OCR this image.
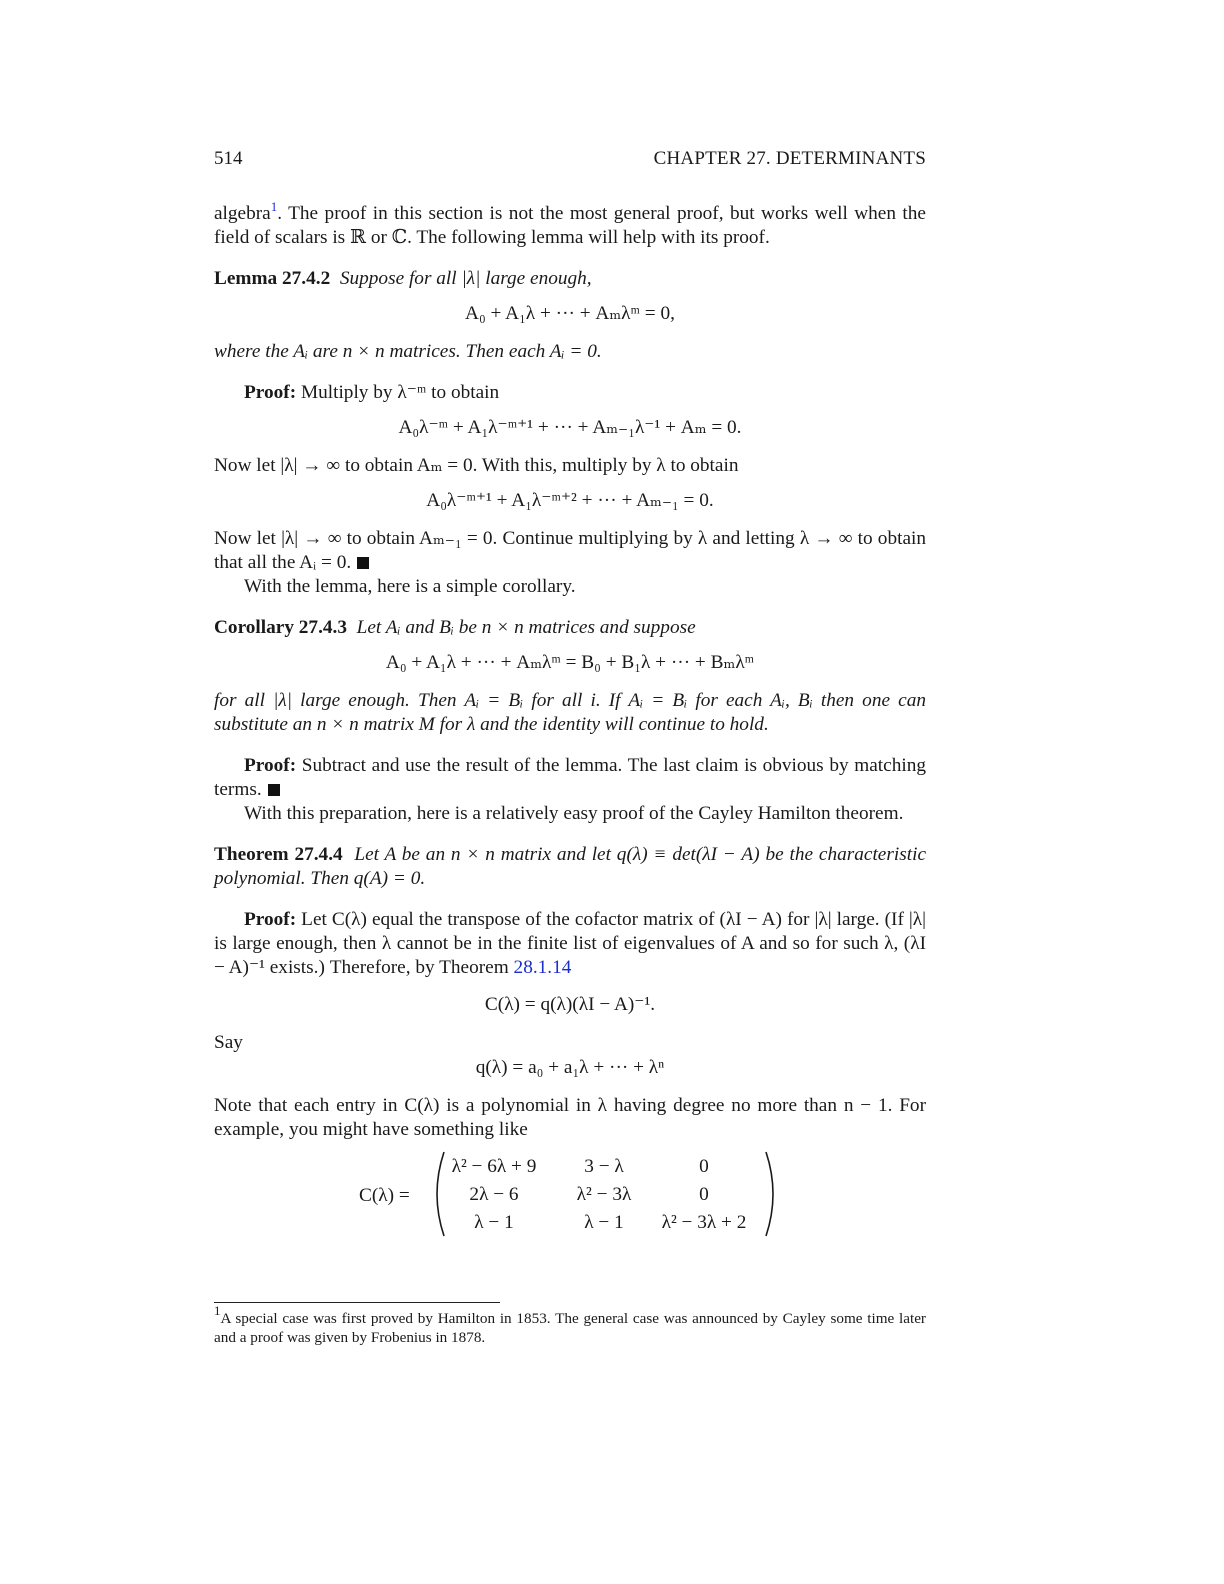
514	CHAPTER 27. DETERMINANTS

algebra$^1$. The proof in this section is not the most general proof, but works well when the field of scalars is ℝ or ℂ. The following lemma will help with its proof.

Lemma 27.4.2 Suppose for all |λ| large enough,

A₀ + A₁λ + ··· + Aₘλᵐ = 0,

where the Aᵢ are n × n matrices. Then each Aᵢ = 0.

Proof: Multiply by λ⁻ᵐ to obtain

A₀λ⁻ᵐ + A₁λ⁻ᵐ⁺¹ + ··· + Aₘ₋₁λ⁻¹ + Aₘ = 0.

Now let |λ| → ∞ to obtain Aₘ = 0. With this, multiply by λ to obtain

A₀λ⁻ᵐ⁺¹ + A₁λ⁻ᵐ⁺² + ··· + Aₘ₋₁ = 0.

Now let |λ| → ∞ to obtain Aₘ₋₁ = 0. Continue multiplying by λ and letting λ → ∞ to obtain that all the Aᵢ = 0.

With the lemma, here is a simple corollary.

Corollary 27.4.3 Let Aᵢ and Bᵢ be n × n matrices and suppose

A₀ + A₁λ + ··· + Aₘλᵐ = B₀ + B₁λ + ··· + Bₘλᵐ

for all |λ| large enough. Then Aᵢ = Bᵢ for all i. If Aᵢ = Bᵢ for each Aᵢ, Bᵢ then one can substitute an n × n matrix M for λ and the identity will continue to hold.

Proof: Subtract and use the result of the lemma. The last claim is obvious by matching terms.

With this preparation, here is a relatively easy proof of the Cayley Hamilton theorem.

Theorem 27.4.4 Let A be an n × n matrix and let q(λ) ≡ det(λI − A) be the characteristic polynomial. Then q(A) = 0.

Proof: Let C(λ) equal the transpose of the cofactor matrix of (λI − A) for |λ| large. (If |λ| is large enough, then λ cannot be in the finite list of eigenvalues of A and so for such λ, (λI − A)⁻¹ exists.) Therefore, by Theorem 28.1.14

C(λ) = q(λ)(λI − A)⁻¹.

Say

q(λ) = a₀ + a₁λ + ··· + λⁿ

Note that each entry in C(λ) is a polynomial in λ having degree no more than n − 1. For example, you might have something like

C(λ) =
λ² − 6λ + 9	3 − λ	0
2λ − 6	λ² − 3λ	0
λ − 1	λ − 1	λ² − 3λ + 2

$^1$A special case was first proved by Hamilton in 1853. The general case was announced by Cayley some time later and a proof was given by Frobenius in 1878.
